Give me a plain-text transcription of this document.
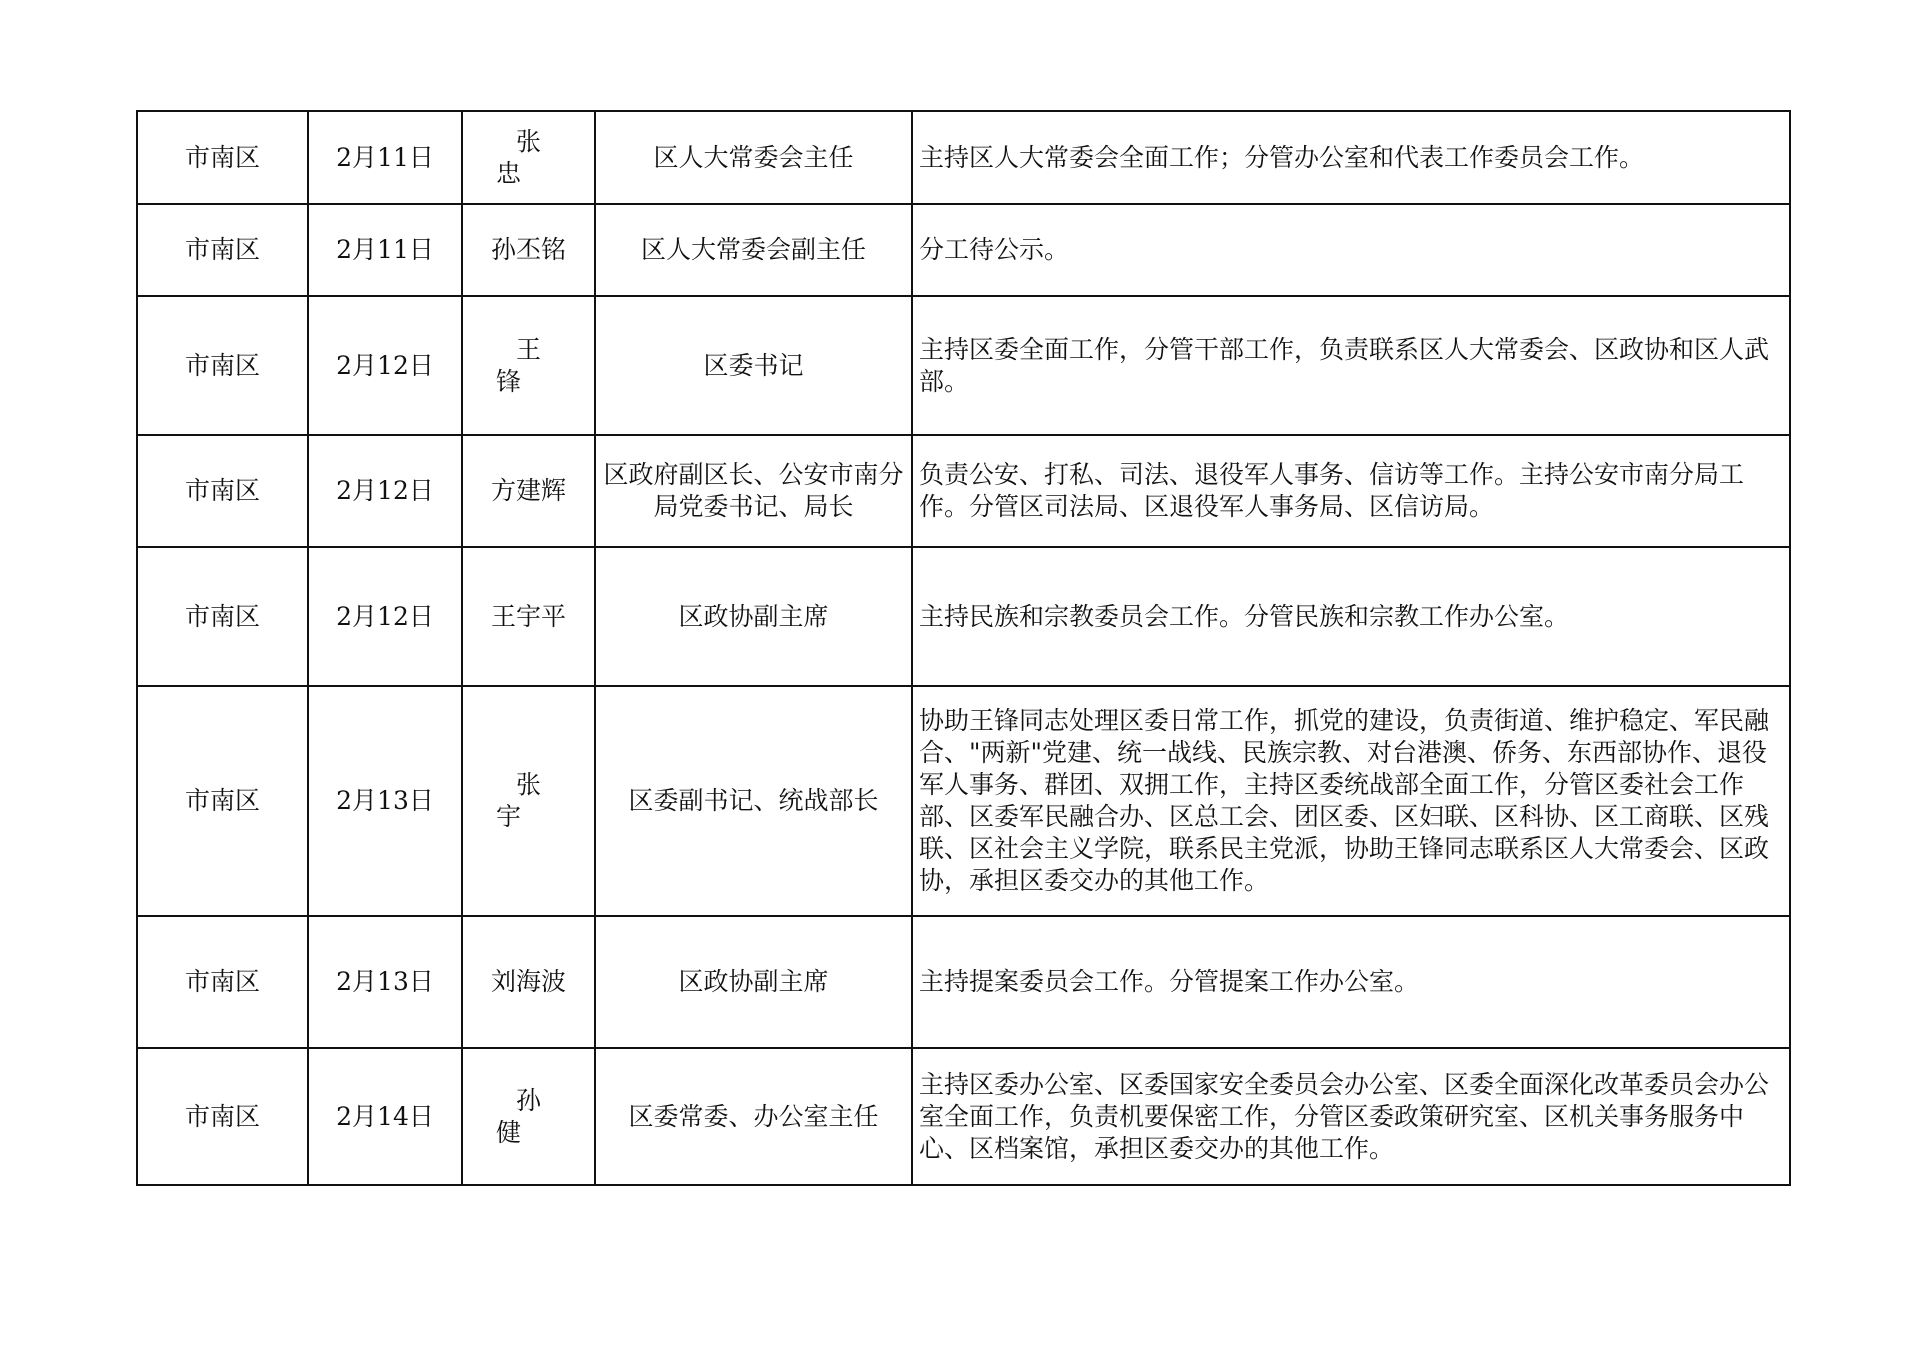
市南区	2月11日	张忠	区人大常委会主任	主持区人大常委会全面工作；分管办公室和代表工作委员会工作。
市南区	2月11日	孙丕铭	区人大常委会副主任	分工待公示。
市南区	2月12日	王锋	区委书记	主持区委全面工作，分管干部工作，负责联系区人大常委会、区政协和区人武部。
市南区	2月12日	方建辉	区政府副区长、公安市南分局党委书记、局长	负责公安、打私、司法、退役军人事务、信访等工作。主持公安市南分局工作。分管区司法局、区退役军人事务局、区信访局。
市南区	2月12日	王宇平	区政协副主席	主持民族和宗教委员会工作。分管民族和宗教工作办公室。
市南区	2月13日	张宇	区委副书记、统战部长	协助王锋同志处理区委日常工作，抓党的建设，负责街道、维护稳定、军民融合、"两新"党建、统一战线、民族宗教、对台港澳、侨务、东西部协作、退役军人事务、群团、双拥工作，主持区委统战部全面工作，分管区委社会工作部、区委军民融合办、区总工会、团区委、区妇联、区科协、区工商联、区残联、区社会主义学院，联系民主党派，协助王锋同志联系区人大常委会、区政协，承担区委交办的其他工作。
市南区	2月13日	刘海波	区政协副主席	主持提案委员会工作。分管提案工作办公室。
市南区	2月14日	孙健	区委常委、办公室主任	主持区委办公室、区委国家安全委员会办公室、区委全面深化改革委员会办公室全面工作，负责机要保密工作，分管区委政策研究室、区机关事务服务中心、区档案馆，承担区委交办的其他工作。
